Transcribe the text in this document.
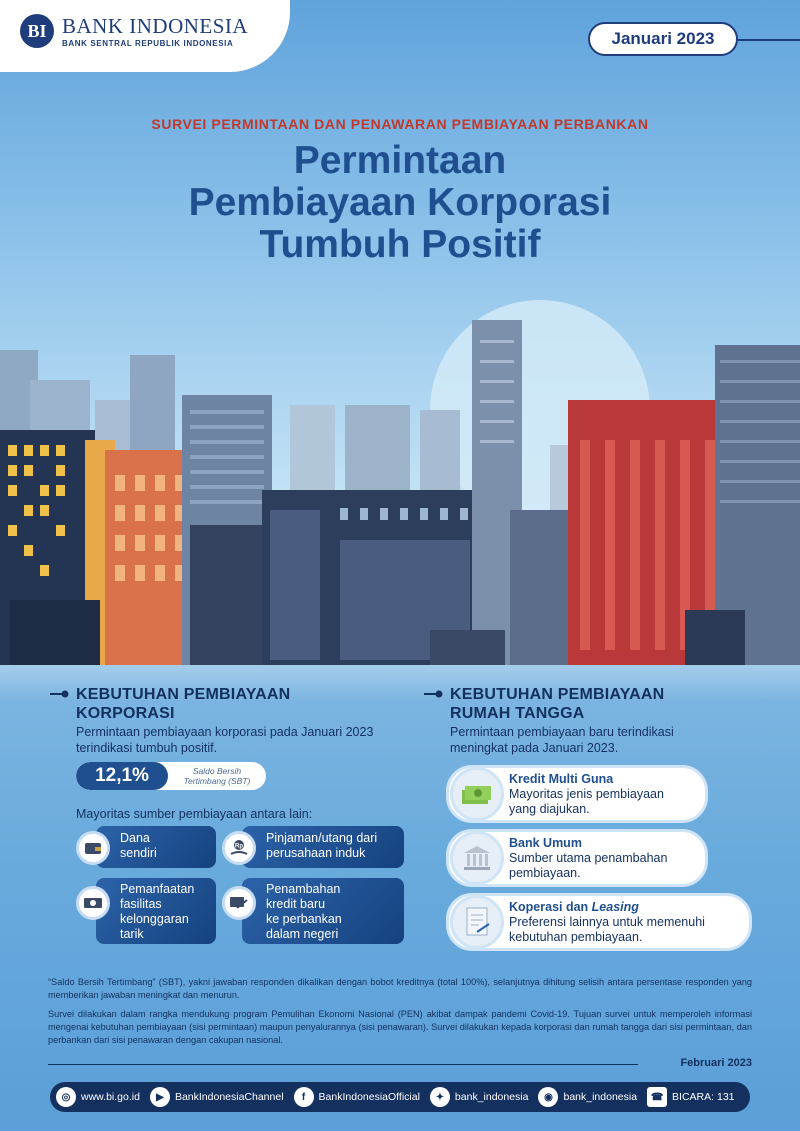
BI BANK INDONESIA
BANK SENTRAL REPUBLIK INDONESIA	Januari 2023
SURVEI PERMINTAAN DAN PENAWARAN PEMBIAYAAN PERBANKAN
Permintaan
Pembiayaan Korporasi
Tumbuh Positif
KEBUTUHAN PEMBIAYAAN
KORPORASI
Permintaan pembiayaan korporasi pada Januari 2023
terindikasi tumbuh positif.
12,1%	Saldo Bersih
Tertimbang (SBT)
Mayoritas sumber pembiayaan antara lain:
Dana
sendiri
Pinjaman/utang dari
perusahaan induk
Rp
Pemanfaatan
fasilitas
kelonggaran
tarik
Penambahan
kredit baru
ke perbankan
dalam negeri
KEBUTUHAN PEMBIAYAAN
RUMAH TANGGA
Permintaan pembiayaan baru terindikasi
meningkat pada Januari 2023.
Kredit Multi Guna
Mayoritas jenis pembiayaan
yang diajukan.
Bank Umum
Sumber utama penambahan
pembiayaan.
Koperasi dan Leasing
Preferensi lainnya untuk memenuhi
kebutuhan pembiayaan.
“Saldo Bersih Tertimbang” (SBT), yakni jawaban responden dikalikan dengan bobot kreditnya (total 100%), selanjutnya dihitung selisih antara persentase responden yang memberikan jawaban meningkat dan menurun.
Survei dilakukan dalam rangka mendukung program Pemulihan Ekonomi Nasional (PEN) akibat dampak pandemi Covid-19. Tujuan survei untuk memperoleh informasi mengenai kebutuhan pembiayaan (sisi permintaan) maupun penyalurannya (sisi penawaran). Survei dilakukan kepada korporasi dan rumah tangga dari sisi permintaan, dan perbankan dari sisi penawaran dengan cakupan nasional.
Februari 2023
◎	www.bi.go.id	▶	BankIndonesiaChannel	f	BankIndonesiaOfficial	✦	bank_indonesia	◉	bank_indonesia	☎ BICARA: 131
